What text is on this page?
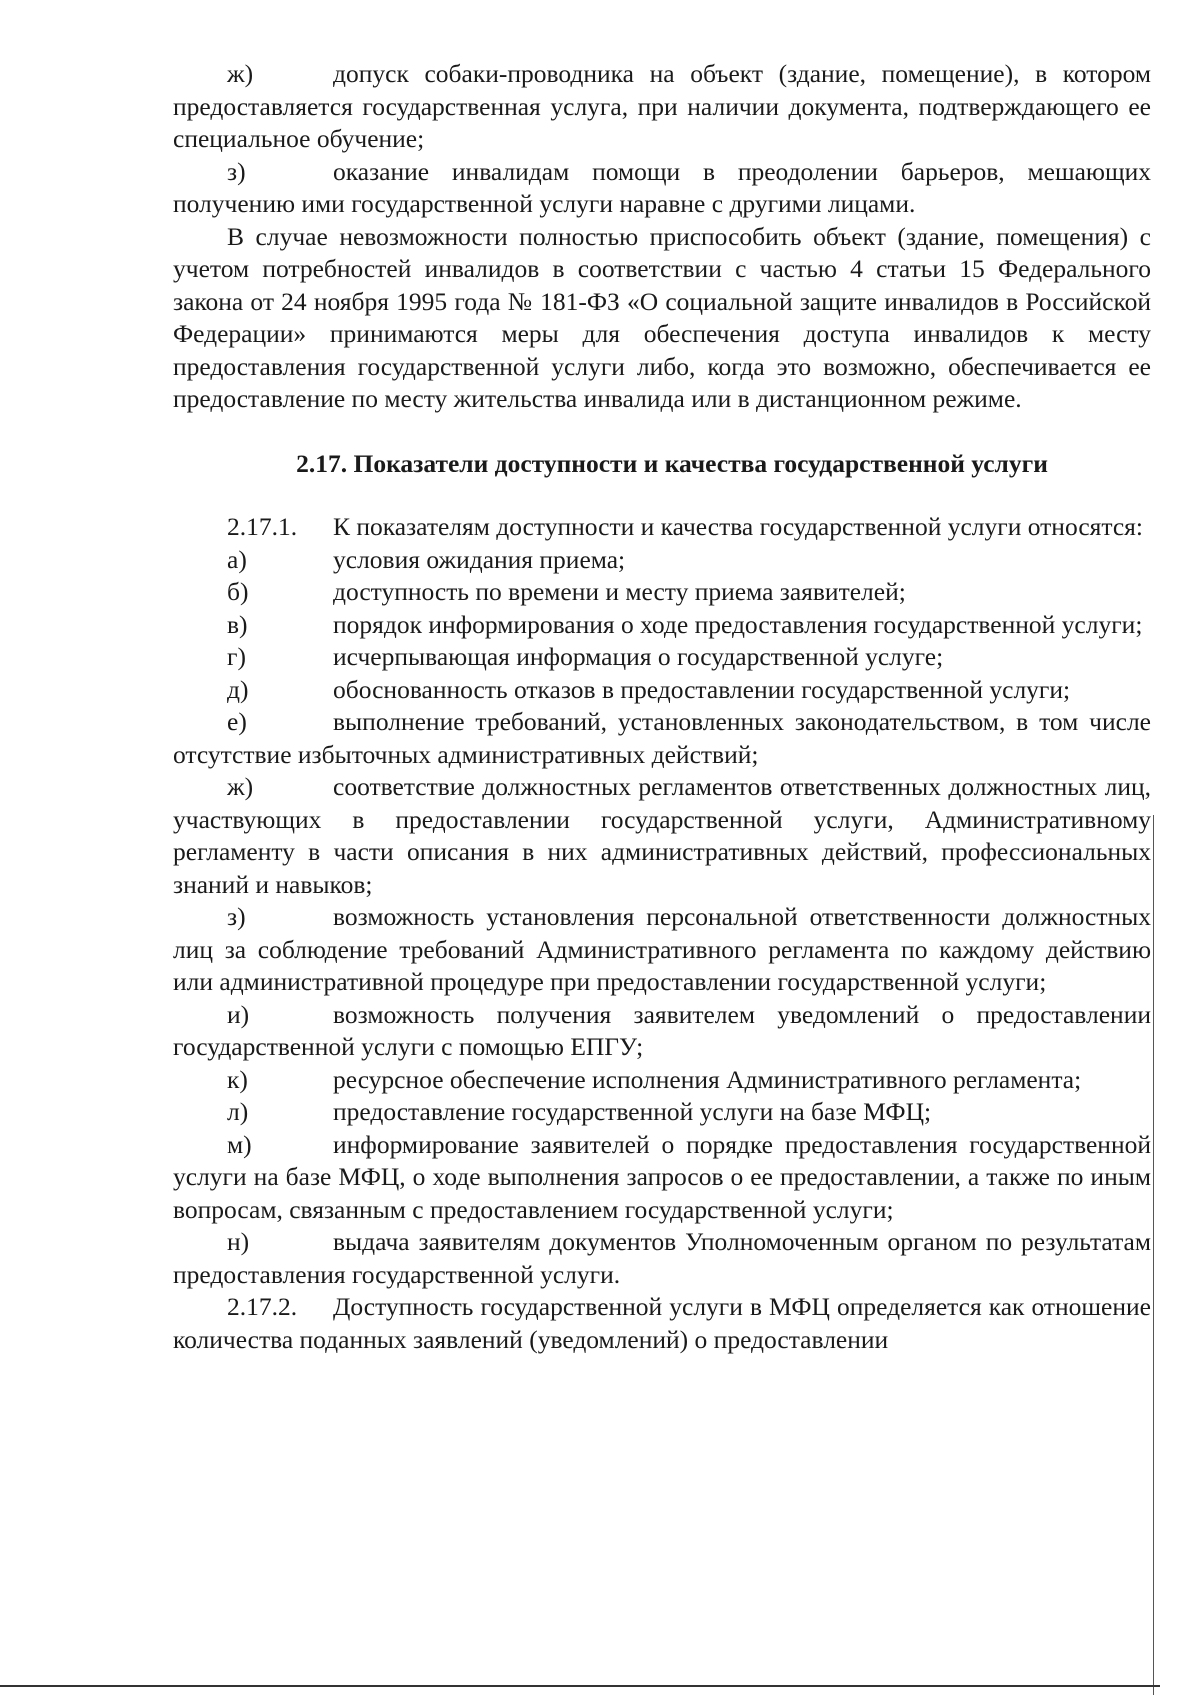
ж)	допуск собаки-проводника на объект (здание, помещение), в котором предоставляется государственная услуга, при наличии документа, подтверждающего ее специальное обучение;

з)	оказание инвалидам помощи в преодолении барьеров, мешающих получению ими государственной услуги наравне с другими лицами.

В случае невозможности полностью приспособить объект (здание, помещения) с учетом потребностей инвалидов в соответствии с частью 4 статьи 15 Федерального закона от 24 ноября 1995 года № 181-ФЗ «О социальной защите инвалидов в Российской Федерации» принимаются меры для обеспечения доступа инвалидов к месту предоставления государственной услуги либо, когда это возможно, обеспечивается ее предоставление по месту жительства инвалида или в дистанционном режиме.

2.17. Показатели доступности и качества государственной услуги

2.17.1. К показателям доступности и качества государственной услуги относятся:

а)	условия ожидания приема;

б)	доступность по времени и месту приема заявителей;

в)	порядок информирования о ходе предоставления государственной услуги;

г)	исчерпывающая информация о государственной услуге;

д)	обоснованность отказов в предоставлении государственной услуги;

е)	выполнение требований, установленных законодательством, в том числе отсутствие избыточных административных действий;

ж)	соответствие должностных регламентов ответственных должностных лиц, участвующих в предоставлении государственной услуги, Административному регламенту в части описания в них административных действий, профессиональных знаний и навыков;

з)	возможность установления персональной ответственности должностных лиц за соблюдение требований Административного регламента по каждому действию или административной процедуре при предоставлении государственной услуги;

и)	возможность получения заявителем уведомлений о предоставлении государственной услуги с помощью ЕПГУ;

к)	ресурсное обеспечение исполнения Административного регламента;

л)	предоставление государственной услуги на базе МФЦ;

м)	информирование заявителей о порядке предоставления государственной услуги на базе МФЦ, о ходе выполнения запросов о ее предоставлении, а также по иным вопросам, связанным с предоставлением государственной услуги;

н)	выдача заявителям документов Уполномоченным органом по результатам предоставления государственной услуги.

2.17.2. Доступность государственной услуги в МФЦ определяется как отношение количества поданных заявлений (уведомлений) о предоставлении
